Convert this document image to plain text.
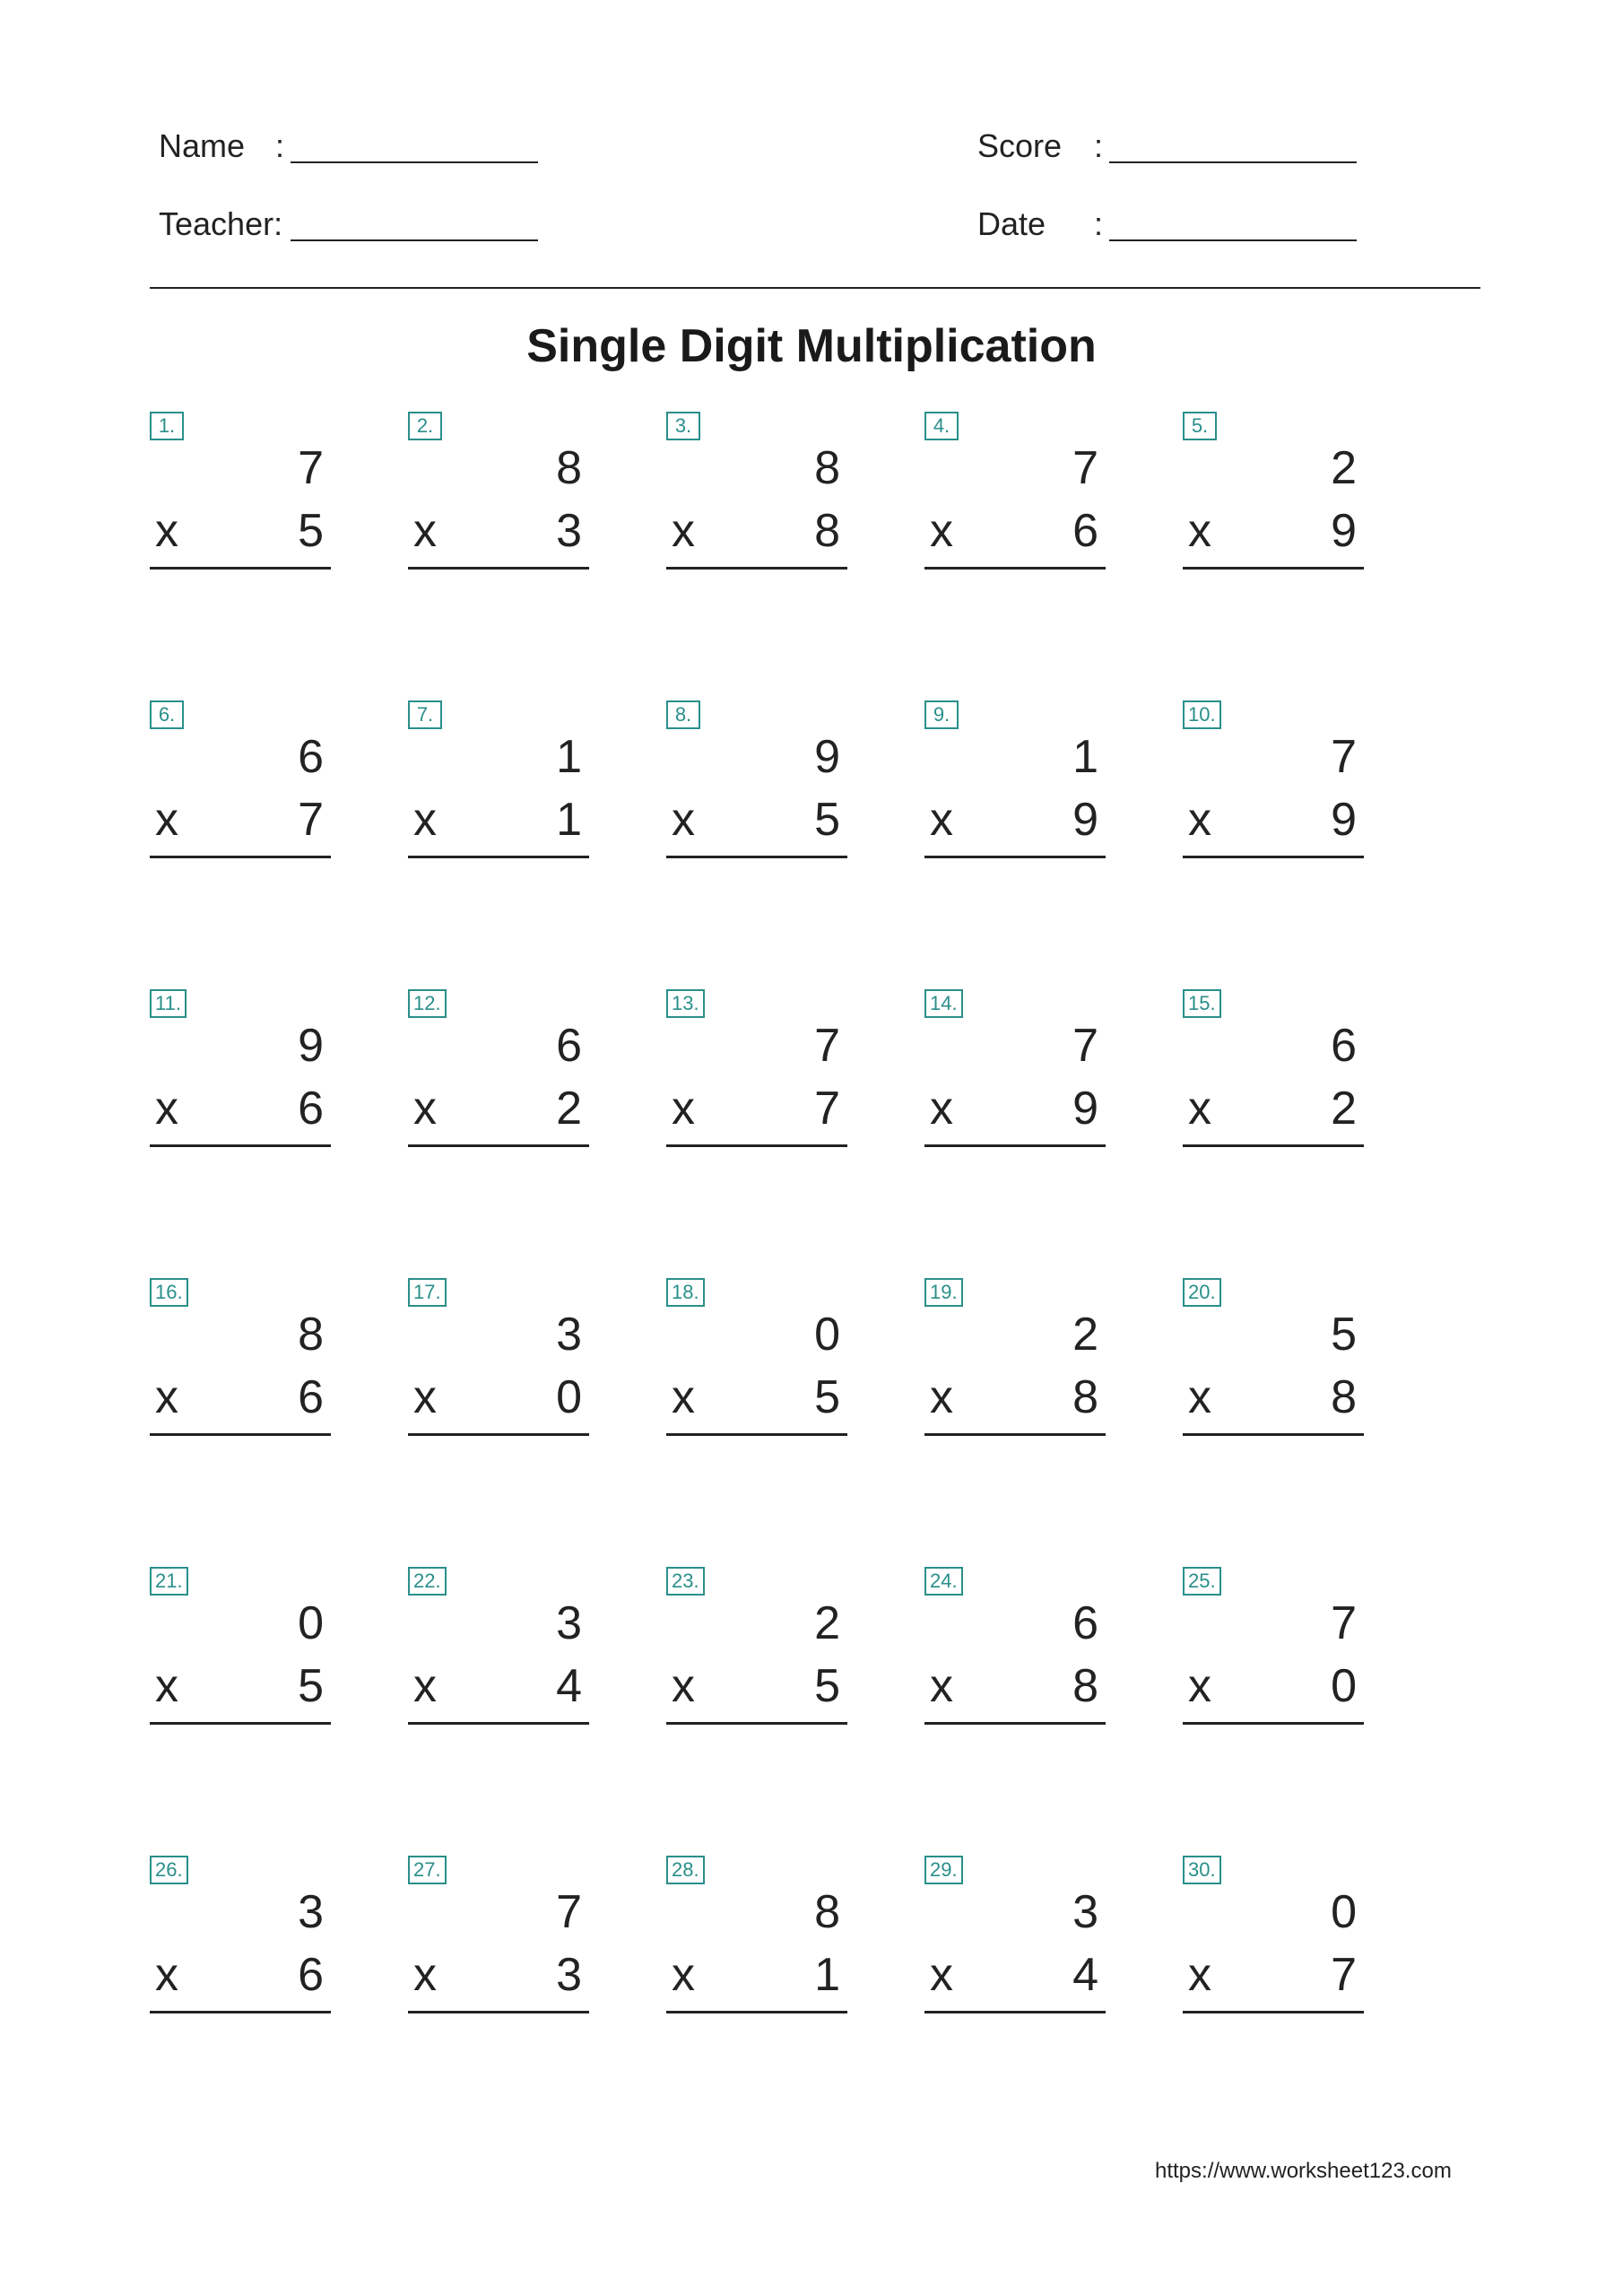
Name :
Teacher:
Score :
Date :
Single Digit Multiplication
1.
7
x	5
2.
8
x	3
3.
8
x	8
4.
7
x	6
5.
2
x	9
6.
6
x	7
7.
1
x	1
8.
9
x	5
9.
1
x	9
10.
7
x	9
11.
9
x	6
12.
6
x	2
13.
7
x	7
14.
7
x	9
15.
6
x	2
16.
8
x	6
17.
3
x	0
18.
0
x	5
19.
2
x	8
20.
5
x	8
21.
0
x	5
22.
3
x	4
23.
2
x	5
24.
6
x	8
25.
7
x	0
26.
3
x	6
27.
7
x	3
28.
8
x	1
29.
3
x	4
30.
0
x	7
https://www.worksheet123.com
